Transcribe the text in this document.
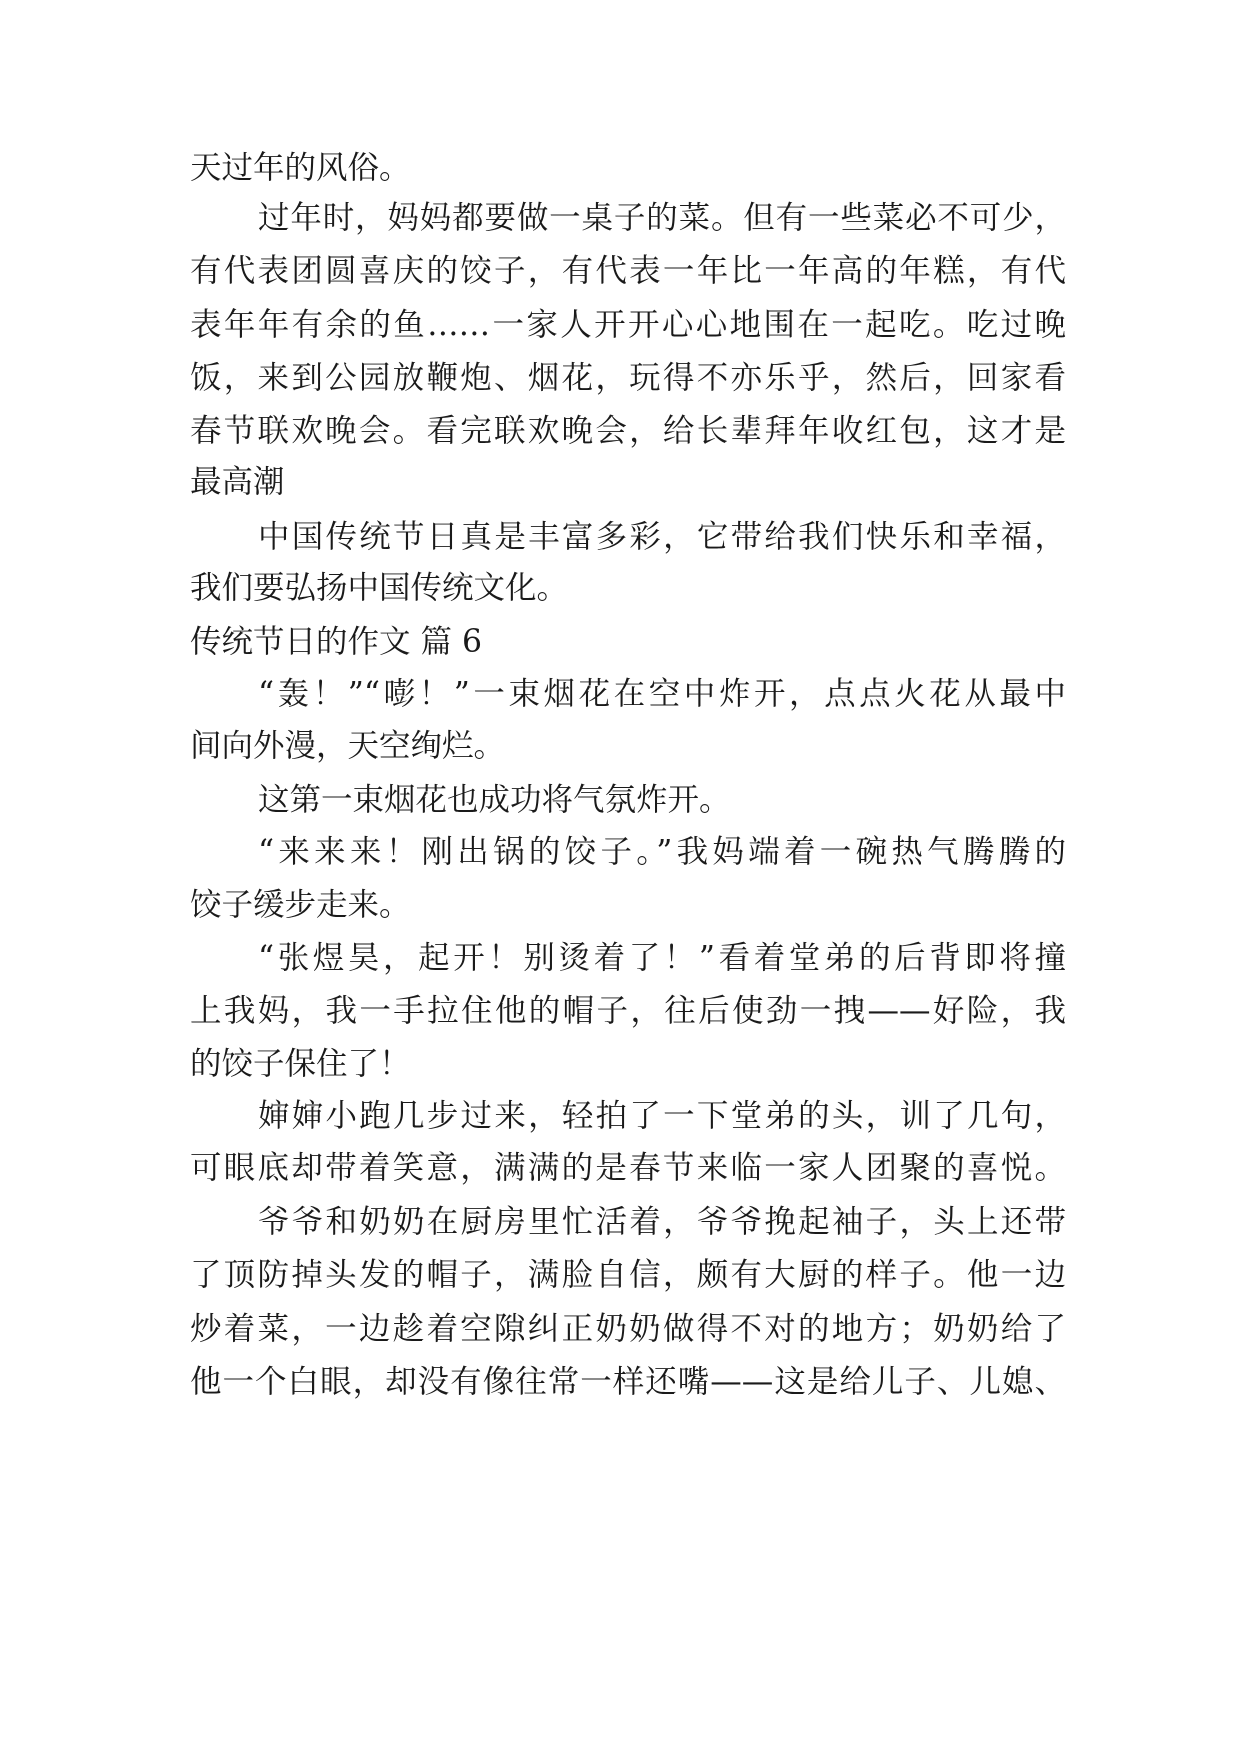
天过年的风俗。

过年时，妈妈都要做一桌子的菜。但有一些菜必不可少，

有代表团圆喜庆的饺子，有代表一年比一年高的年糕，有代

表年年有余的鱼……一家人开开心心地围在一起吃。吃过晚

饭，来到公园放鞭炮、烟花，玩得不亦乐乎，然后，回家看

春节联欢晚会。看完联欢晚会，给长辈拜年收红包，这才是

最高潮

中国传统节日真是丰富多彩，它带给我们快乐和幸福，

我们要弘扬中国传统文化。

传统节日的作文 篇 6

“轰！”“嘭！”一束烟花在空中炸开，点点火花从最中

间向外漫，天空绚烂。

这第一束烟花也成功将气氛炸开。

“来来来！刚出锅的饺子。”我妈端着一碗热气腾腾的

饺子缓步走来。

“张煜昊，起开！别烫着了！”看着堂弟的后背即将撞

上我妈，我一手拉住他的帽子，往后使劲一拽——好险，我

的饺子保住了！

婶婶小跑几步过来，轻拍了一下堂弟的头，训了几句，

可眼底却带着笑意，满满的是春节来临一家人团聚的喜悦。

爷爷和奶奶在厨房里忙活着，爷爷挽起袖子，头上还带

了顶防掉头发的帽子，满脸自信，颇有大厨的样子。他一边

炒着菜，一边趁着空隙纠正奶奶做得不对的地方；奶奶给了

他一个白眼，却没有像往常一样还嘴——这是给儿子、儿媳、
